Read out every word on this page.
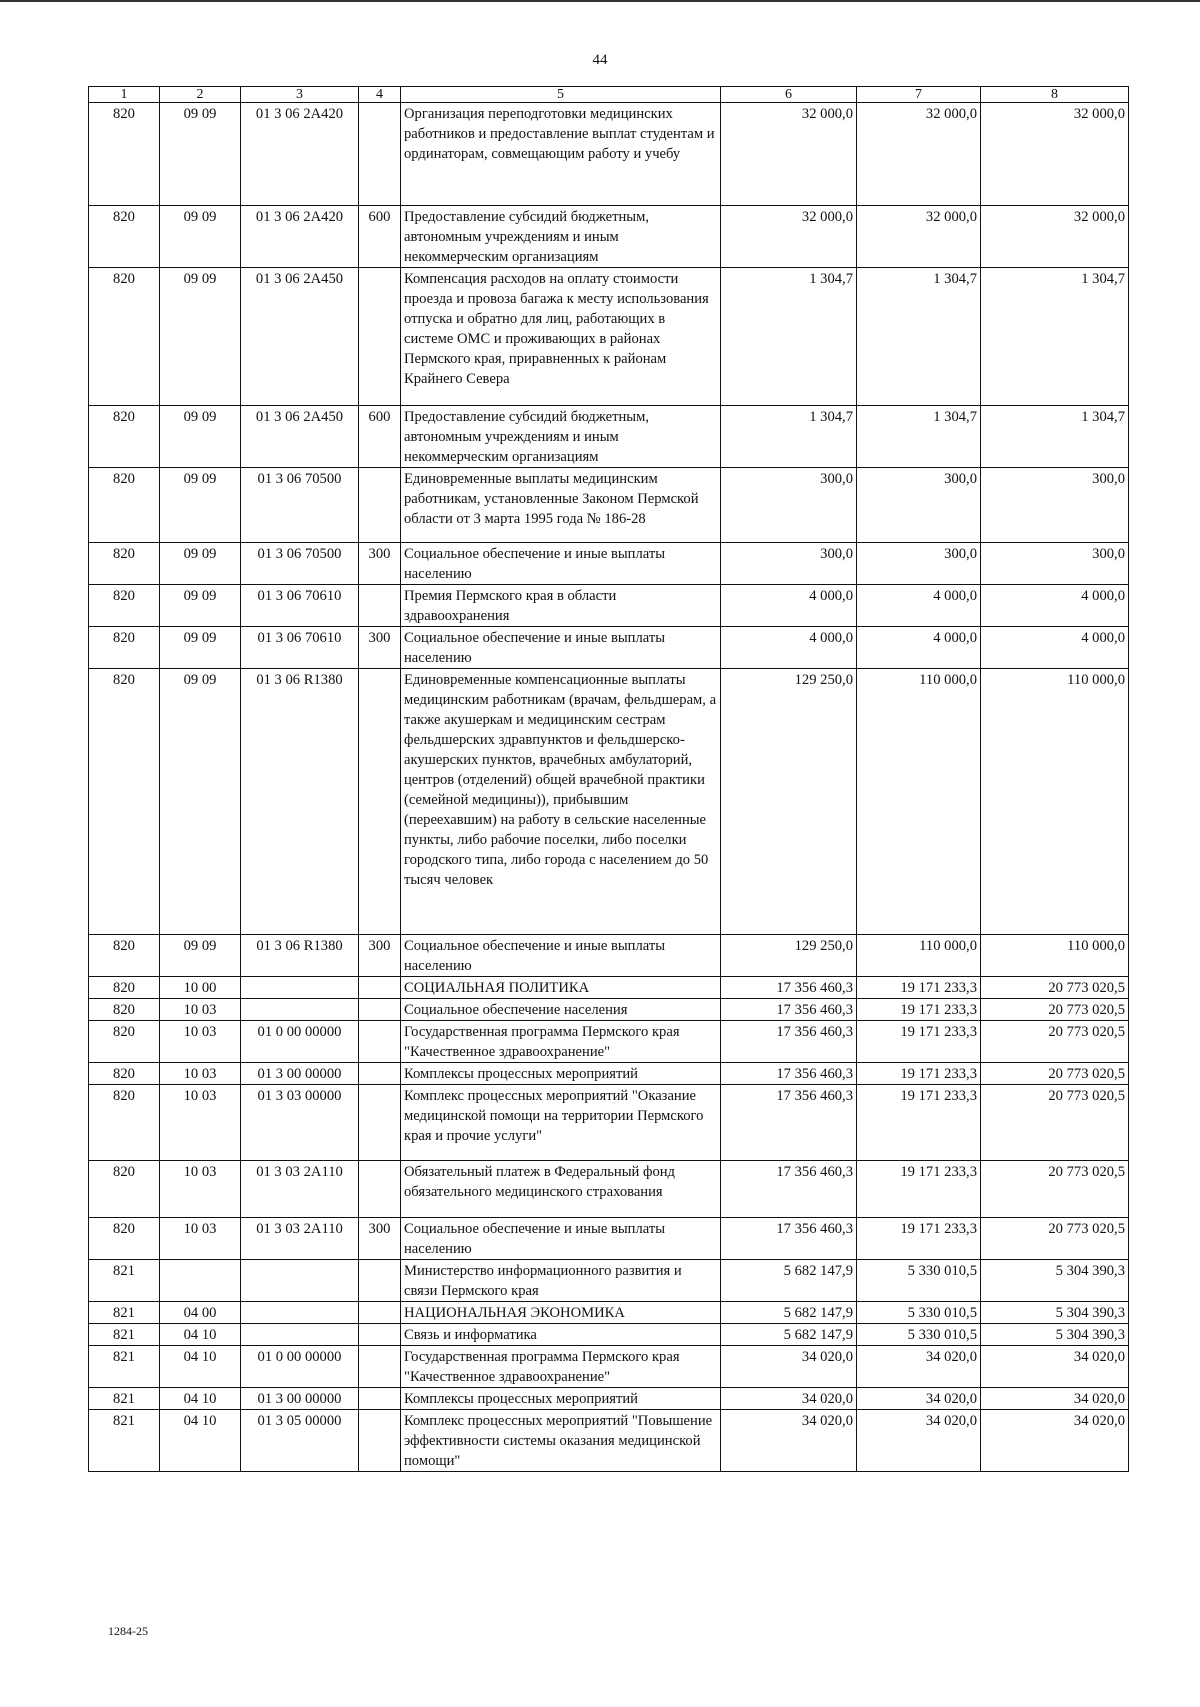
44
1	2	3	4	5	6	7	8
820	09 09	01 3 06 2A420		Организация переподготовки медицинских работников и предоставление выплат студентам и ординаторам, совмещающим работу и учебу	32 000,0	32 000,0	32 000,0
820	09 09	01 3 06 2A420	600	Предоставление субсидий бюджетным, автономным учреждениям и иным некоммерческим организациям	32 000,0	32 000,0	32 000,0
820	09 09	01 3 06 2A450		Компенсация расходов на оплату стоимости проезда и провоза багажа к месту использования отпуска и обратно для лиц, работающих в системе ОМС и проживающих в районах Пермского края, приравненных к районам Крайнего Севера	1 304,7	1 304,7	1 304,7
820	09 09	01 3 06 2A450	600	Предоставление субсидий бюджетным, автономным учреждениям и иным некоммерческим организациям	1 304,7	1 304,7	1 304,7
820	09 09	01 3 06 70500		Единовременные выплаты медицинским работникам, установленные Законом Пермской области от 3 марта 1995 года № 186-28	300,0	300,0	300,0
820	09 09	01 3 06 70500	300	Социальное обеспечение и иные выплаты населению	300,0	300,0	300,0
820	09 09	01 3 06 70610		Премия Пермского края в области здравоохранения	4 000,0	4 000,0	4 000,0
820	09 09	01 3 06 70610	300	Социальное обеспечение и иные выплаты населению	4 000,0	4 000,0	4 000,0
820	09 09	01 3 06 R1380		Единовременные компенсационные выплаты медицинским работникам (врачам, фельдшерам, а также акушеркам и медицинским сестрам фельдшерских здравпунктов и фельдшерско-акушерских пунктов, врачебных амбулаторий, центров (отделений) общей врачебной практики (семейной медицины)), прибывшим (переехавшим) на работу в сельские населенные пункты, либо рабочие поселки, либо поселки городского типа, либо города с населением до 50 тысяч человек	129 250,0	110 000,0	110 000,0
820	09 09	01 3 06 R1380	300	Социальное обеспечение и иные выплаты населению	129 250,0	110 000,0	110 000,0
820	10 00			СОЦИАЛЬНАЯ ПОЛИТИКА	17 356 460,3	19 171 233,3	20 773 020,5
820	10 03			Социальное обеспечение населения	17 356 460,3	19 171 233,3	20 773 020,5
820	10 03	01 0 00 00000		Государственная программа Пермского края "Качественное здравоохранение"	17 356 460,3	19 171 233,3	20 773 020,5
820	10 03	01 3 00 00000		Комплексы процессных мероприятий	17 356 460,3	19 171 233,3	20 773 020,5
820	10 03	01 3 03 00000		Комплекс процессных мероприятий "Оказание медицинской помощи на территории Пермского края и прочие услуги"	17 356 460,3	19 171 233,3	20 773 020,5
820	10 03	01 3 03 2A110		Обязательный платеж в Федеральный фонд обязательного медицинского страхования	17 356 460,3	19 171 233,3	20 773 020,5
820	10 03	01 3 03 2A110	300	Социальное обеспечение и иные выплаты населению	17 356 460,3	19 171 233,3	20 773 020,5
821				Министерство информационного развития и связи Пермского края	5 682 147,9	5 330 010,5	5 304 390,3
821	04 00			НАЦИОНАЛЬНАЯ ЭКОНОМИКА	5 682 147,9	5 330 010,5	5 304 390,3
821	04 10			Связь и информатика	5 682 147,9	5 330 010,5	5 304 390,3
821	04 10	01 0 00 00000		Государственная программа Пермского края "Качественное здравоохранение"	34 020,0	34 020,0	34 020,0
821	04 10	01 3 00 00000		Комплексы процессных мероприятий	34 020,0	34 020,0	34 020,0
821	04 10	01 3 05 00000		Комплекс процессных мероприятий "Повышение эффективности системы оказания медицинской помощи"	34 020,0	34 020,0	34 020,0
1284-25
